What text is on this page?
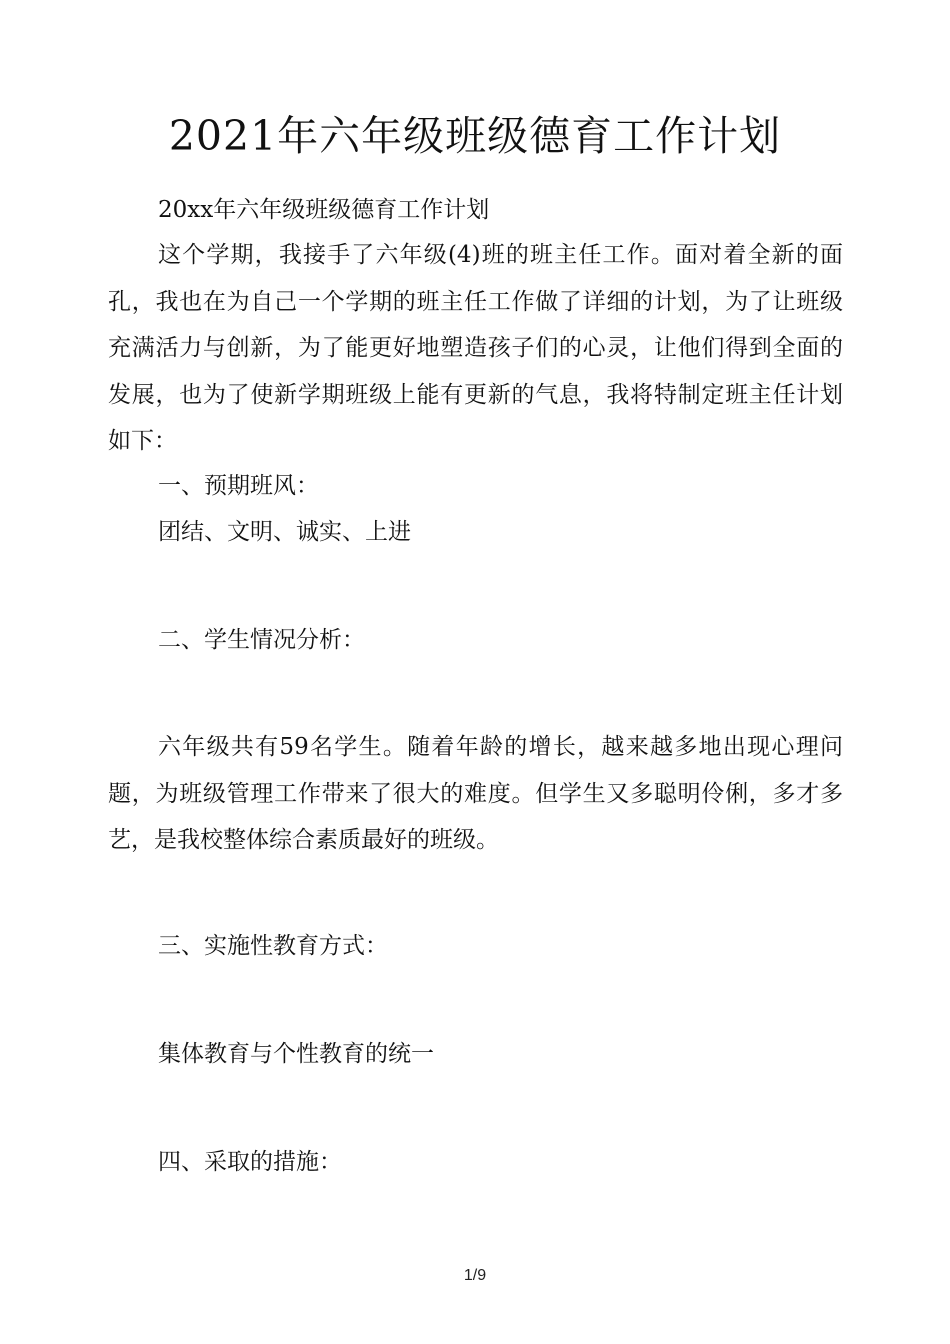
2021年六年级班级德育工作计划

20xx年六年级班级德育工作计划

这个学期，我接手了六年级(4)班的班主任工作。面对着全新的面孔，我也在为自己一个学期的班主任工作做了详细的计划，为了让班级充满活力与创新，为了能更好地塑造孩子们的心灵，让他们得到全面的发展，也为了使新学期班级上能有更新的气息，我将特制定班主任计划如下：

一、预期班风：

团结、文明、诚实、上进

二、学生情况分析：

六年级共有59名学生。随着年龄的增长，越来越多地出现心理问题，为班级管理工作带来了很大的难度。但学生又多聪明伶俐，多才多艺，是我校整体综合素质最好的班级。

三、实施性教育方式：

集体教育与个性教育的统一

四、采取的措施：

1/9
